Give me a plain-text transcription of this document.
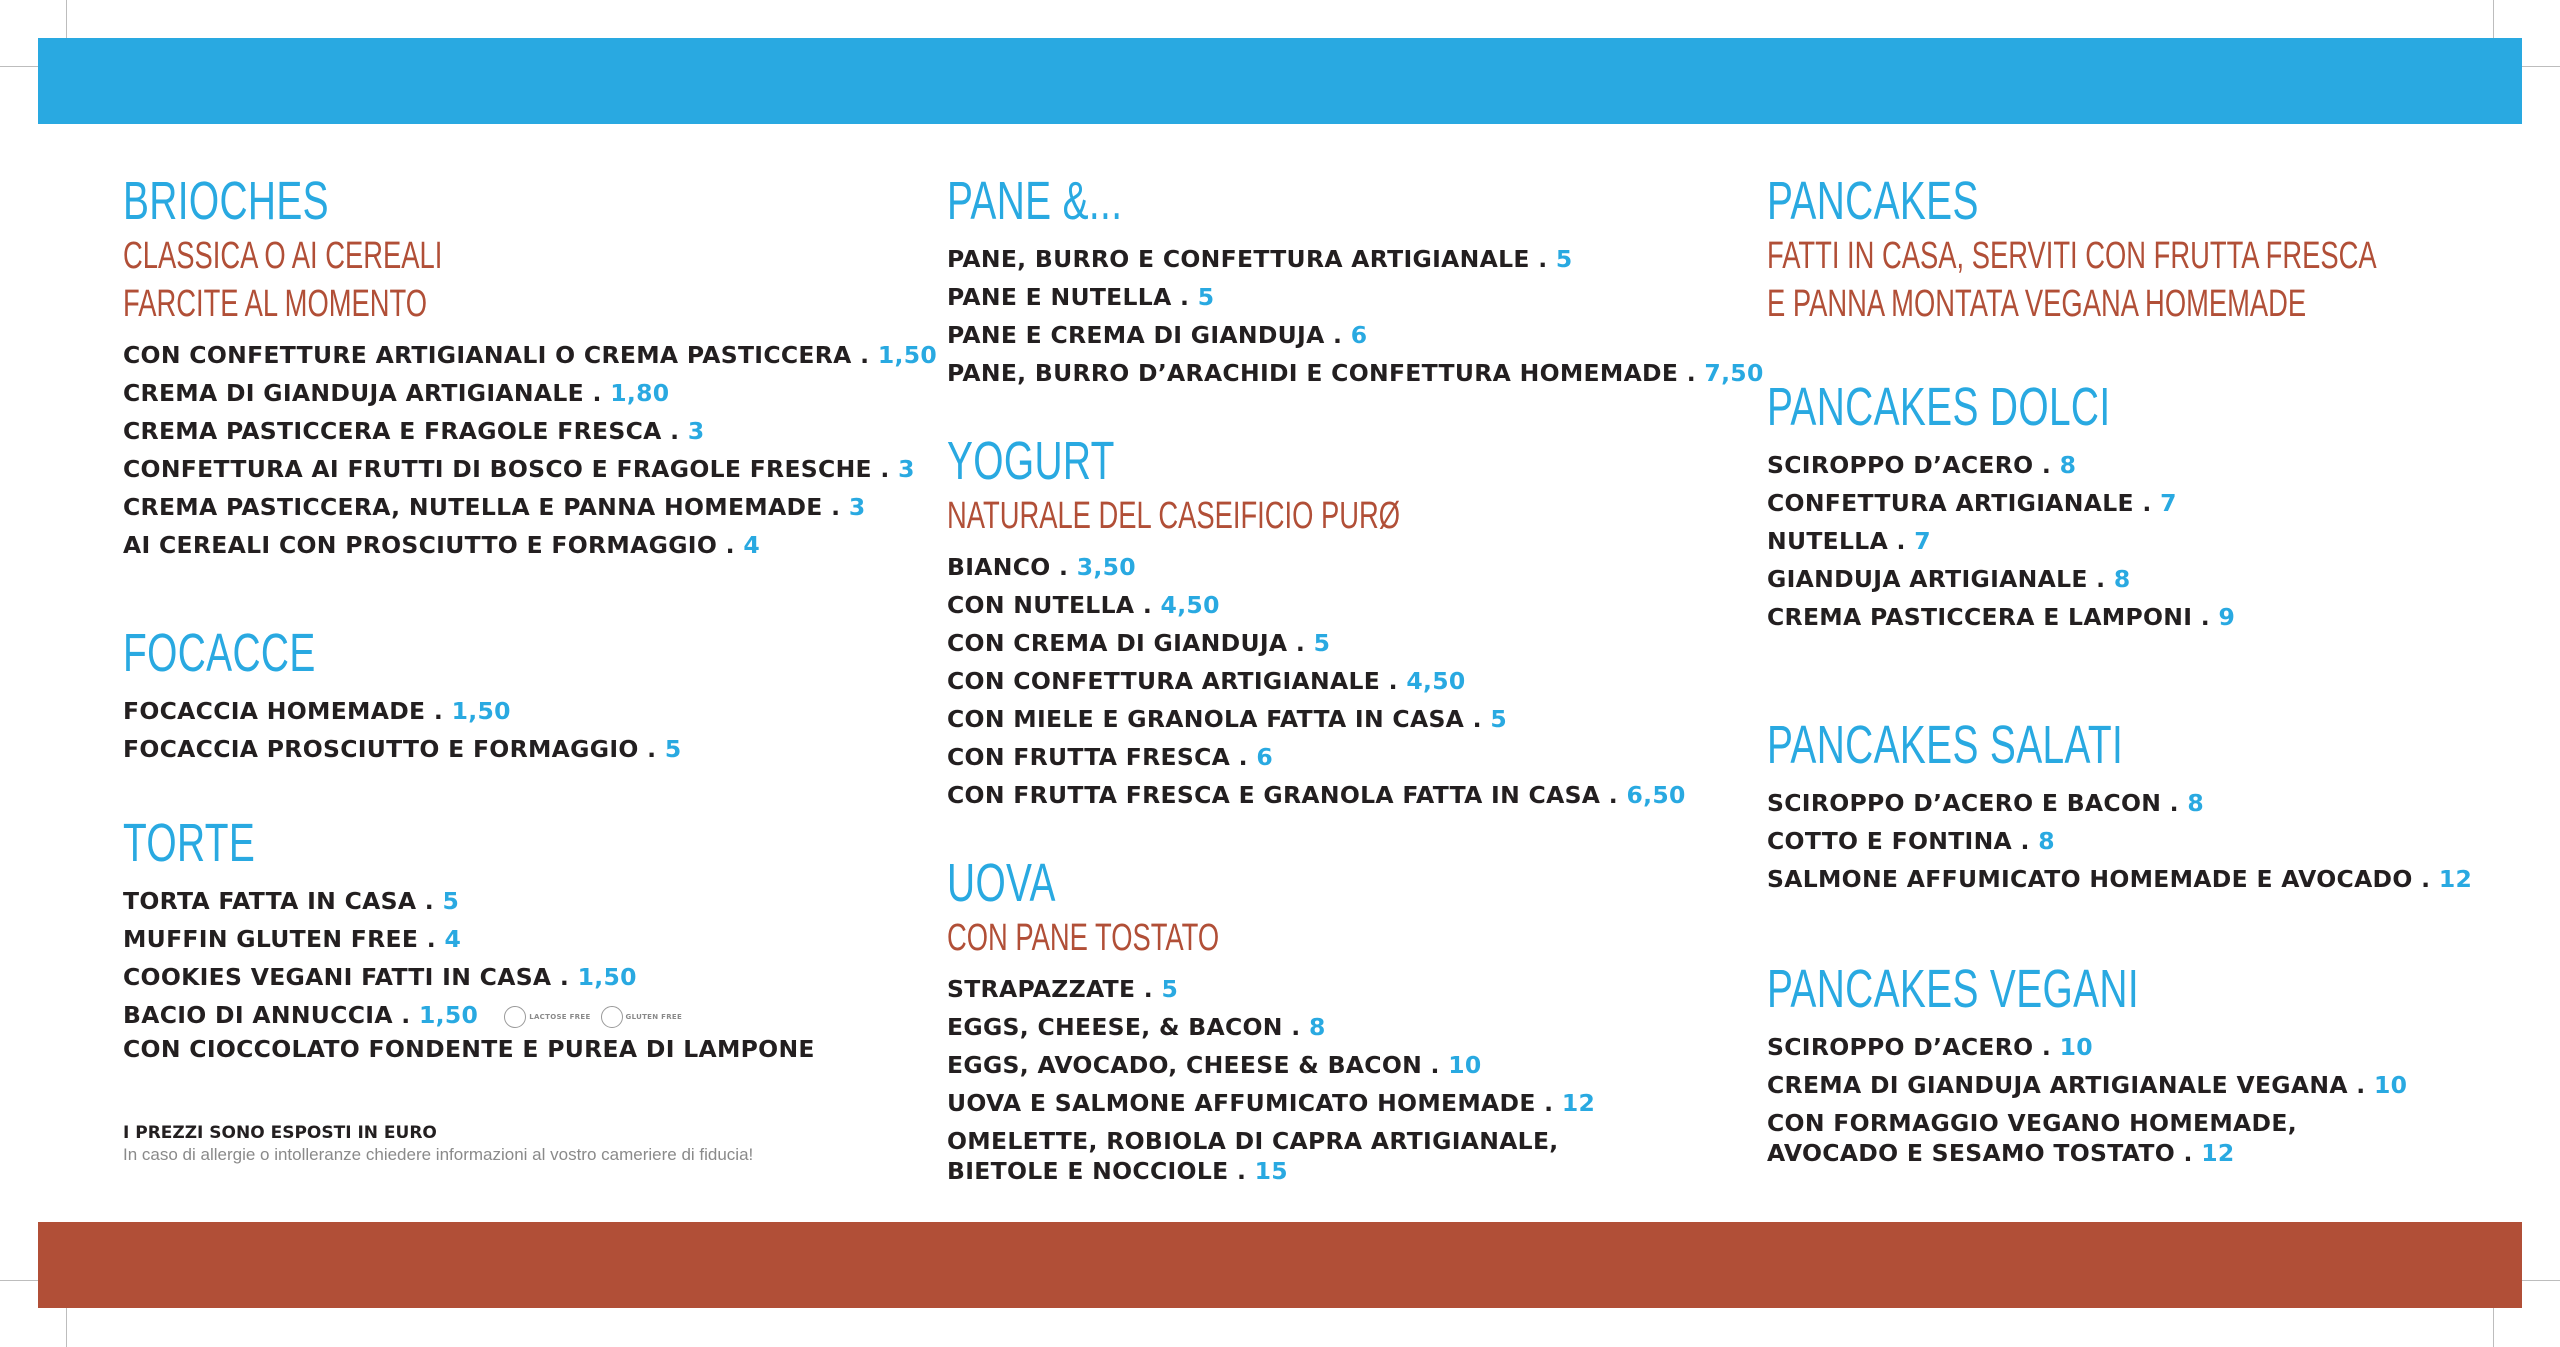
BRIOCHES
CLASSICA O AI CEREALI
FARCITE AL MOMENTO
CON CONFETTURE ARTIGIANALI O CREMA PASTICCERA . 1,50
CREMA DI GIANDUJA ARTIGIANALE . 1,80
CREMA PASTICCERA E FRAGOLE FRESCA . 3
CONFETTURA AI FRUTTI DI BOSCO E FRAGOLE FRESCHE . 3
CREMA PASTICCERA, NUTELLA E PANNA HOMEMADE . 3
AI CEREALI CON PROSCIUTTO E FORMAGGIO . 4
FOCACCE
FOCACCIA HOMEMADE . 1,50
FOCACCIA PROSCIUTTO E FORMAGGIO . 5
TORTE
TORTA FATTA IN CASA . 5
MUFFIN GLUTEN FREE . 4
COOKIES VEGANI FATTI IN CASA . 1,50
BACIO DI ANNUCCIA . 1,50	LACTOSE FREE	GLUTEN FREE
CON CIOCCOLATO FONDENTE E PUREA DI LAMPONE
I PREZZI SONO ESPOSTI IN EURO
In caso di allergie o intolleranze chiedere informazioni al vostro cameriere di fiducia!
PANE &...
PANE, BURRO E CONFETTURA ARTIGIANALE . 5
PANE E NUTELLA . 5
PANE E CREMA DI GIANDUJA . 6
PANE, BURRO D’ARACHIDI E CONFETTURA HOMEMADE . 7,50
YOGURT
NATURALE DEL CASEIFICIO PURØ
BIANCO . 3,50
CON NUTELLA . 4,50
CON CREMA DI GIANDUJA . 5
CON CONFETTURA ARTIGIANALE . 4,50
CON MIELE E GRANOLA FATTA IN CASA . 5
CON FRUTTA FRESCA . 6
CON FRUTTA FRESCA E GRANOLA FATTA IN CASA . 6,50
UOVA
CON PANE TOSTATO
STRAPAZZATE . 5
EGGS, CHEESE, & BACON . 8
EGGS, AVOCADO, CHEESE & BACON . 10
UOVA E SALMONE AFFUMICATO HOMEMADE . 12
OMELETTE, ROBIOLA DI CAPRA ARTIGIANALE,
BIETOLE E NOCCIOLE . 15
PANCAKES
FATTI IN CASA, SERVITI CON FRUTTA FRESCA
E PANNA MONTATA VEGANA HOMEMADE
PANCAKES DOLCI
SCIROPPO D’ACERO . 8
CONFETTURA ARTIGIANALE . 7
NUTELLA . 7
GIANDUJA ARTIGIANALE . 8
CREMA PASTICCERA E LAMPONI . 9
PANCAKES SALATI
SCIROPPO D’ACERO E BACON . 8
COTTO E FONTINA . 8
SALMONE AFFUMICATO HOMEMADE E AVOCADO . 12
PANCAKES VEGANI
SCIROPPO D’ACERO . 10
CREMA DI GIANDUJA ARTIGIANALE VEGANA . 10
CON FORMAGGIO VEGANO HOMEMADE,
AVOCADO E SESAMO TOSTATO . 12
